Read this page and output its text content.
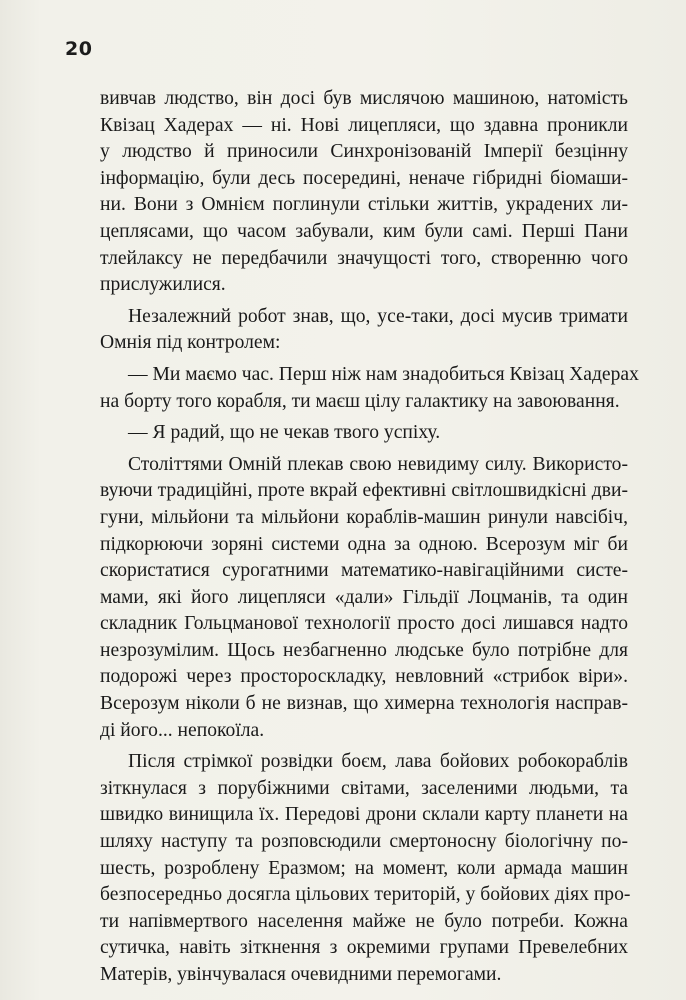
20
вивчав людство, він досі був мислячою машиною, натомість
Квізац Хадерах — ні. Нові лицепляси, що здавна проникли
у людство й приносили Синхронізованій Імперії безцінну
інформацію, були десь посередині, неначе гібридні біомаши-
ни. Вони з Омнієм поглинули стільки життів, украдених ли-
цеплясами, що часом забували, ким були самі. Перші Пани
тлейлаксу не передбачили значущості того, створенню чого
прислужилися.
Незалежний робот знав, що, усе-таки, досі мусив тримати
Омнія під контролем:
— Ми маємо час. Перш ніж нам знадобиться Квізац Хадерах
на борту того корабля, ти маєш цілу галактику на завоювання.
— Я радий, що не чекав твого успіху.
Століттями Омній плекав свою невидиму силу. Використо-
вуючи традиційні, проте вкрай ефективні світлошвидкісні дви-
гуни, мільйони та мільйони кораблів-машин ринули навсібіч,
підкорюючи зоряні системи одна за одною. Всерозум міг би
скористатися сурогатними математико-навігаційними систе-
мами, які його лицепляси «дали» Гільдії Лоцманів, та один
складник Гольцманової технології просто досі лишався надто
незрозумілим. Щось незбагненно людське було потрібне для
подорожі через простороскладку, невловний «стрибок віри».
Всерозум ніколи б не визнав, що химерна технологія насправ-
ді його... непокоїла.
Після стрімкої розвідки боєм, лава бойових робокораблів
зіткнулася з порубіжними світами, заселеними людьми, та
швидко винищила їх. Передові дрони склали карту планети на
шляху наступу та розповсюдили смертоносну біологічну по-
шесть, розроблену Еразмом; на момент, коли армада машин
безпосередньо досягла цільових територій, у бойових діях про-
ти напівмертвого населення майже не було потреби. Кожна
сутичка, навіть зіткнення з окремими групами Превелебних
Матерів, увінчувалася очевидними перемогами.
